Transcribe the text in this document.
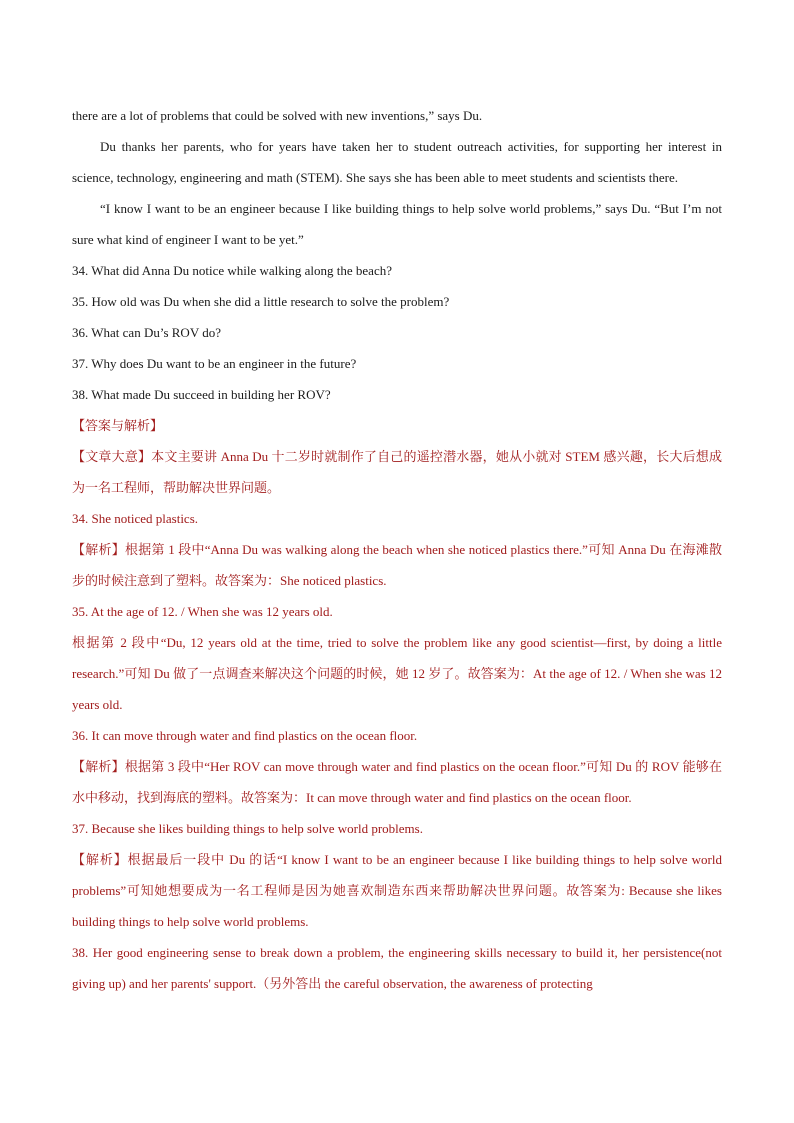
there are a lot of problems that could be solved with new inventions,” says Du.

Du thanks her parents, who for years have taken her to student outreach activities, for supporting her interest in science, technology, engineering and math (STEM). She says she has been able to meet students and scientists there.

“I know I want to be an engineer because I like building things to help solve world problems,” says Du. “But I’m not sure what kind of engineer I want to be yet.”

34. What did Anna Du notice while walking along the beach?

35. How old was Du when she did a little research to solve the problem?

36. What can Du’s ROV do?

37. Why does Du want to be an engineer in the future?

38. What made Du succeed in building her ROV?

【答案与解析】

【文章大意】本文主要讲 Anna Du 十二岁时就制作了自己的遥控潜水器，她从小就对 STEM 感兴趣，长大后想成为一名工程师，帮助解决世界问题。

34. She noticed plastics.

【解析】根据第 1 段中“Anna Du was walking along the beach when she noticed plastics there.”可知 Anna Du 在海滩散步的时候注意到了塑料。故答案为：She noticed plastics.

35. At the age of 12. / When she was 12 years old.

根据第 2 段中“Du, 12 years old at the time, tried to solve the problem like any good scientist—first, by doing a little research.”可知 Du 做了一点调查来解决这个问题的时候，她 12 岁了。故答案为：At the age of 12. / When she was 12 years old.

36. It can move through water and find plastics on the ocean floor.

【解析】根据第 3 段中“Her ROV can move through water and find plastics on the ocean floor.”可知 Du 的 ROV 能够在水中移动，找到海底的塑料。故答案为：It can move through water and find plastics on the ocean floor.

37. Because she likes building things to help solve world problems.

【解析】根据最后一段中 Du 的话“I know I want to be an engineer because I like building things to help solve world problems”可知她想要成为一名工程师是因为她喜欢制造东西来帮助解决世界问题。故答案为: Because she likes building things to help solve world problems.

38. Her good engineering sense to break down a problem, the engineering skills necessary to build it, her persistence(not giving up) and her parents' support.（另外答出 the careful observation, the awareness of protecting
